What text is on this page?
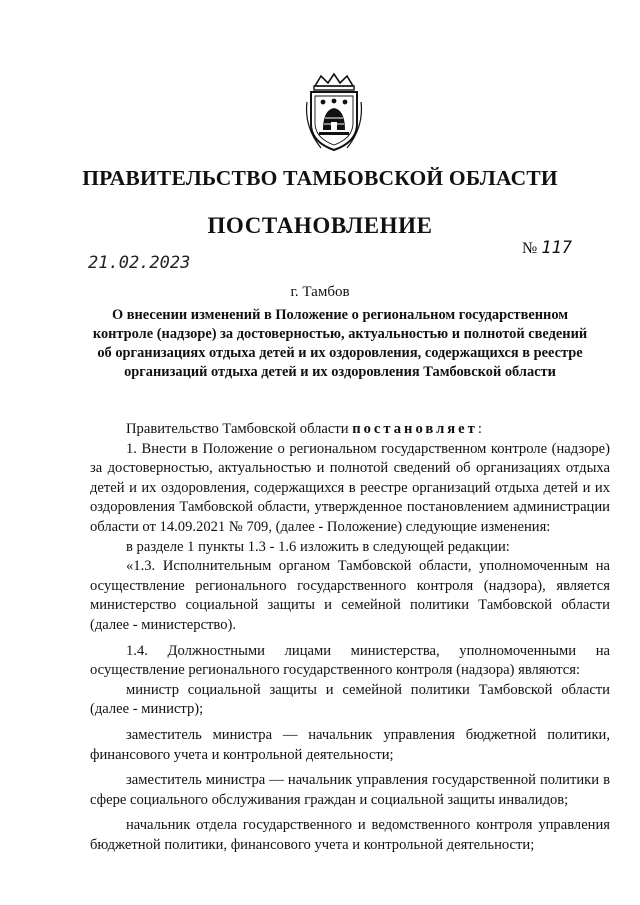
ПРАВИТЕЛЬСТВО ТАМБОВСКОЙ ОБЛАСТИ
ПОСТАНОВЛЕНИЕ
21.02.2023
№ 117
г. Тамбов
О внесении изменений в Положение о региональном государственном контроле (надзоре) за достоверностью, актуальностью и полнотой сведений об организациях отдыха детей и их оздоровления, содержащихся в реестре организаций отдыха детей и их оздоровления Тамбовской области

Правительство Тамбовской области постановляет:

1. Внести в Положение о региональном государственном контроле (надзоре) за достоверностью, актуальностью и полнотой сведений об организациях отдыха детей и их оздоровления, содержащихся в реестре организаций отдыха детей и их оздоровления Тамбовской области, утвержденное постановлением администрации области от 14.09.2021 № 709, (далее - Положение) следующие изменения:

в разделе 1 пункты 1.3 - 1.6 изложить в следующей редакции:

«1.3. Исполнительным органом Тамбовской области, уполномоченным на осуществление регионального государственного контроля (надзора), является министерство социальной защиты и семейной политики Тамбовской области (далее - министерство).

1.4. Должностными лицами министерства, уполномоченными на осуществление регионального государственного контроля (надзора) являются:

министр социальной защиты и семейной политики Тамбовской области (далее - министр);

заместитель министра — начальник управления бюджетной политики, финансового учета и контрольной деятельности;

заместитель министра — начальник управления государственной политики в сфере социального обслуживания граждан и социальной защиты инвалидов;

начальник отдела государственного и ведомственного контроля управления бюджетной политики, финансового учета и контрольной деятельности;
